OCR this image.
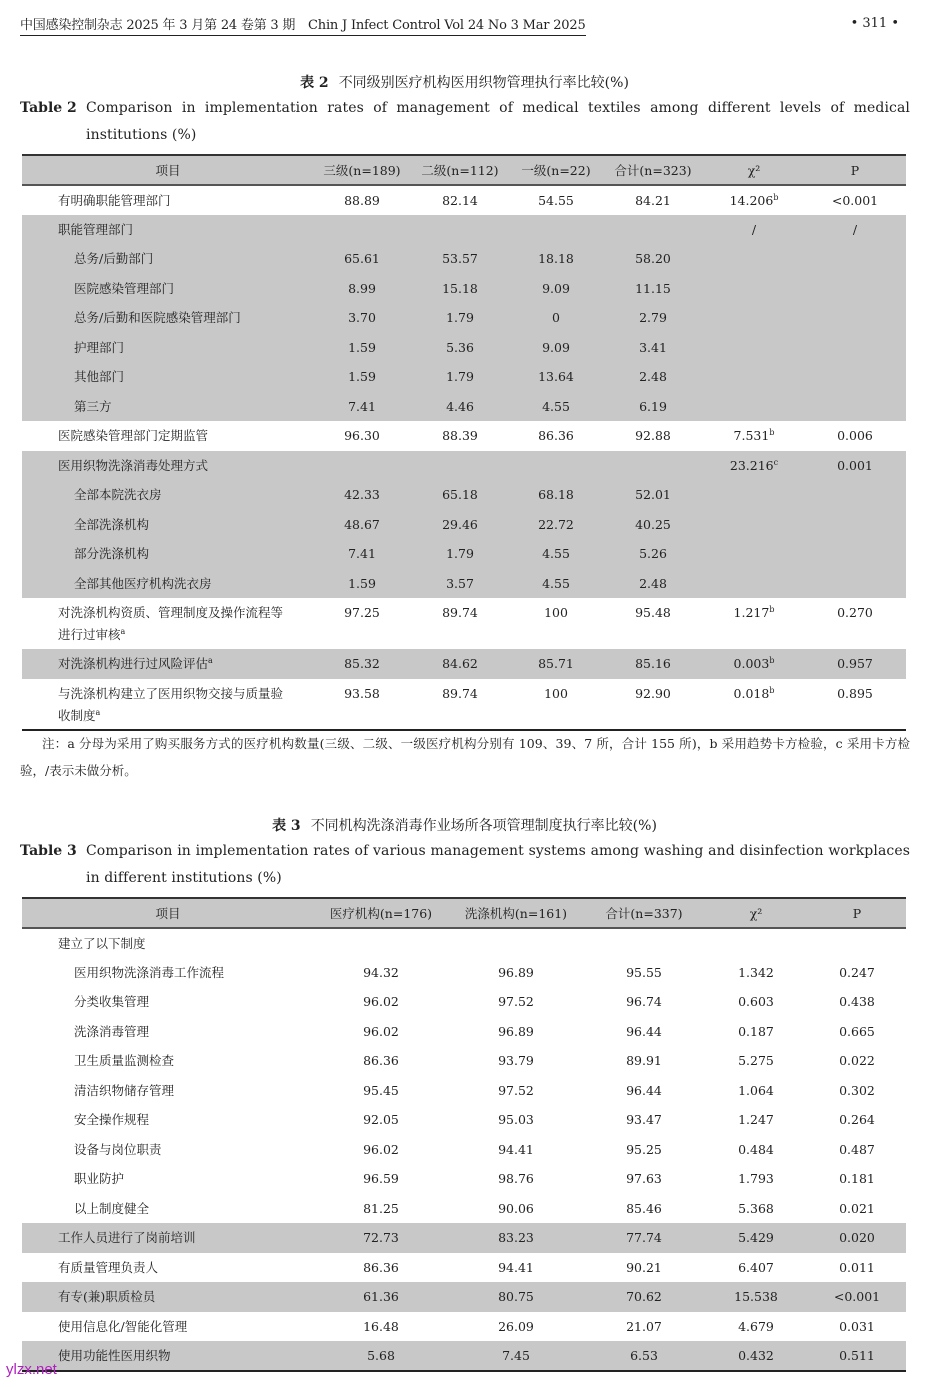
中国感染控制杂志 2025 年 3 月第 24 卷第 3 期　Chin J Infect Control Vol 24 No 3 Mar 2025	• 311 •
表 2 不同级别医疗机构医用织物管理执行率比较(%)
Table 2 Comparison in implementation rates of management of medical textiles among different levels of medical institutions (%)
项目	三级(n=189)	二级(n=112)	一级(n=22)	合计(n=323)	χ²	P

有明确职能管理部门	88.89	82.14	54.55	84.21	14.206$^b$	<0.001

职能管理部门					/	/

总务/后勤部门	65.61	53.57	18.18	58.20		

医院感染管理部门	8.99	15.18	9.09	11.15		

总务/后勤和医院感染管理部门	3.70	1.79	0	2.79		

护理部门	1.59	5.36	9.09	3.41		

其他部门	1.59	1.79	13.64	2.48		

第三方	7.41	4.46	4.55	6.19		

医院感染管理部门定期监管	96.30	88.39	86.36	92.88	7.531$^b$	0.006

医用织物洗涤消毒处理方式					23.216$^c$	0.001

全部本院洗衣房	42.33	65.18	68.18	52.01		

全部洗涤机构	48.67	29.46	22.72	40.25		

部分洗涤机构	7.41	1.79	4.55	5.26		

全部其他医疗机构洗衣房	1.59	3.57	4.55	2.48		

对洗涤机构资质、管理制度及操作流程等进行过审核$^a$	97.25	89.74	100	95.48	1.217$^b$	0.270

对洗涤机构进行过风险评估$^a$	85.32	84.62	85.71	85.16	0.003$^b$	0.957

与洗涤机构建立了医用织物交接与质量验收制度$^a$	93.58	89.74	100	92.90	0.018$^b$	0.895
注：a 分母为采用了购买服务方式的医疗机构数量(三级、二级、一级医疗机构分别有 109、39、7 所，合计 155 所)，b 采用趋势卡方检验，c 采用卡方检验，/表示未做分析。
表 3 不同机构洗涤消毒作业场所各项管理制度执行率比较(%)
Table 3 Comparison in implementation rates of various management systems among washing and disinfection workplaces in different institutions (%)
项目	医疗机构(n=176)	洗涤机构(n=161)	合计(n=337)	χ²	P

建立了以下制度					

医用织物洗涤消毒工作流程	94.32	96.89	95.55	1.342	0.247

分类收集管理	96.02	97.52	96.74	0.603	0.438

洗涤消毒管理	96.02	96.89	96.44	0.187	0.665

卫生质量监测检查	86.36	93.79	89.91	5.275	0.022

清洁织物储存管理	95.45	97.52	96.44	1.064	0.302

安全操作规程	92.05	95.03	93.47	1.247	0.264

设备与岗位职责	96.02	94.41	95.25	0.484	0.487

职业防护	96.59	98.76	97.63	1.793	0.181

以上制度健全	81.25	90.06	85.46	5.368	0.021

工作人员进行了岗前培训	72.73	83.23	77.74	5.429	0.020

有质量管理负责人	86.36	94.41	90.21	6.407	0.011

有专(兼)职质检员	61.36	80.75	70.62	15.538	<0.001

使用信息化/智能化管理	16.48	26.09	21.07	4.679	0.031

使用功能性医用织物	5.68	7.45	6.53	0.432	0.511
ylzx.net
